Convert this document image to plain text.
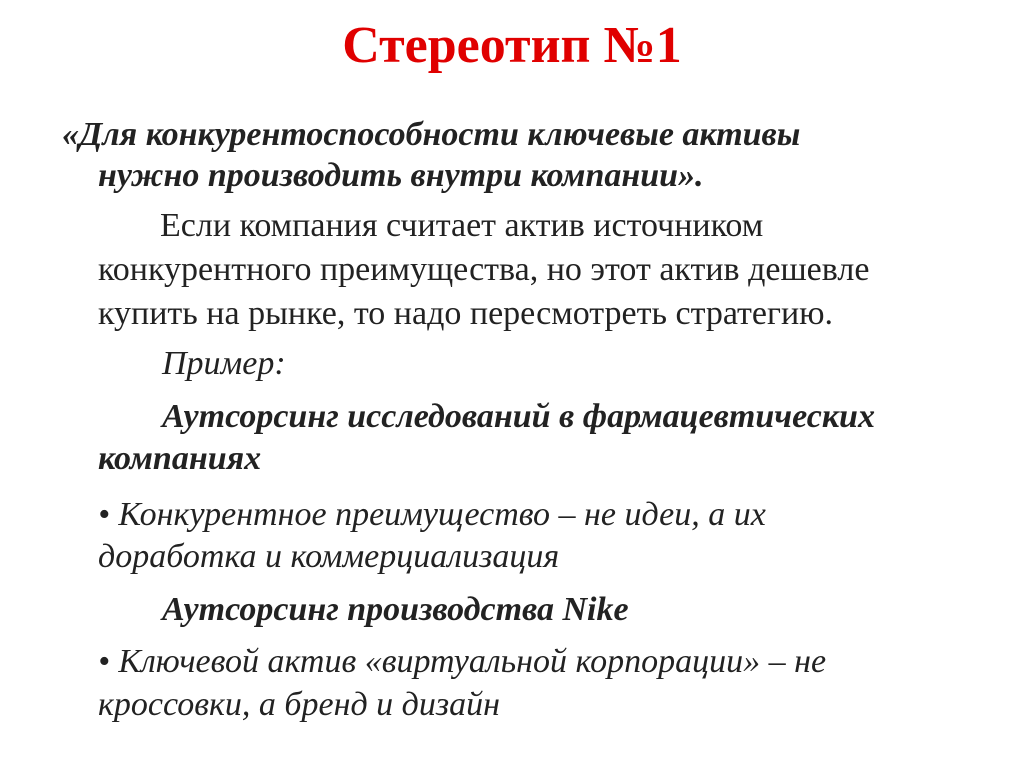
Стереотип №1
«Для конкурентоспособности ключевые активы
нужно производить внутри компании».
Если компания считает актив источником
конкурентного преимущества, но этот актив дешевле
купить на рынке, то надо пересмотреть стратегию.
Пример:
Аутсорсинг исследований в фармацевтических
компаниях
• Конкурентное преимущество – не идеи, а их
доработка и коммерциализация
Аутсорсинг производства Nike
• Ключевой актив «виртуальной корпорации» – не
кроссовки, а бренд и дизайн
